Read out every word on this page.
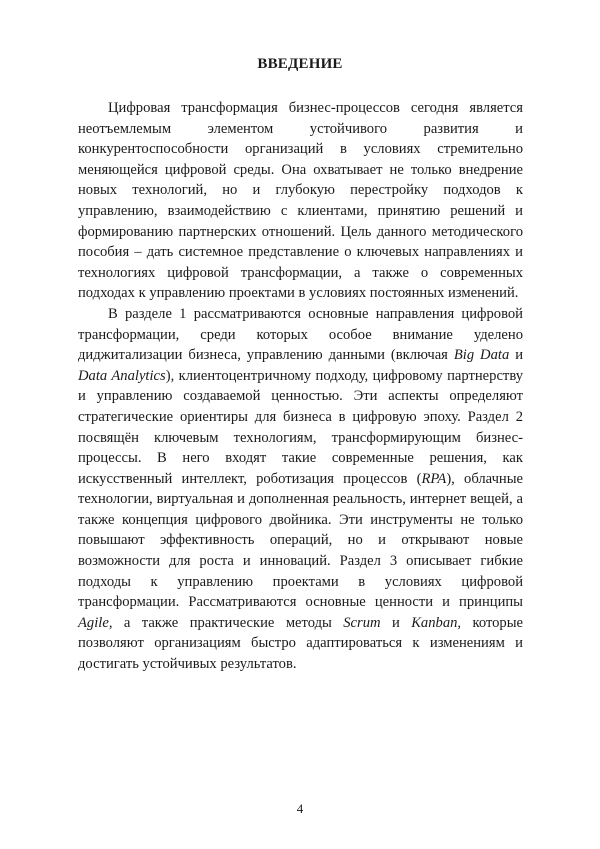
ВВЕДЕНИЕ

Цифровая трансформация бизнес-процессов сегодня является неотъемлемым элементом устойчивого развития и конкурентоспособности организаций в условиях стремительно меняющейся цифровой среды. Она охватывает не только внедрение новых технологий, но и глубокую перестройку подходов к управлению, взаимодействию с клиентами, принятию решений и формированию партнерских отношений. Цель данного методического пособия – дать системное представление о ключевых направлениях и технологиях цифровой трансформации, а также о современных подходах к управлению проектами в условиях постоянных изменений.

В разделе 1 рассматриваются основные направления цифровой трансформации, среди которых особое внимание уделено диджитализации бизнеса, управлению данными (включая Big Data и Data Analytics), клиентоцентричному подходу, цифровому партнерству и управлению создаваемой ценностью. Эти аспекты определяют стратегические ориентиры для бизнеса в цифровую эпоху. Раздел 2 посвящён ключевым технологиям, трансформирующим бизнес-процессы. В него входят такие современные решения, как искусственный интеллект, роботизация процессов (RPA), облачные технологии, виртуальная и дополненная реальность, интернет вещей, а также концепция цифрового двойника. Эти инструменты не только повышают эффективность операций, но и открывают новые возможности для роста и инноваций. Раздел 3 описывает гибкие подходы к управлению проектами в условиях цифровой трансформации. Рассматриваются основные ценности и принципы Agile, а также практические методы Scrum и Kanban, которые позволяют организациям быстро адаптироваться к изменениям и достигать устойчивых результатов.

4
